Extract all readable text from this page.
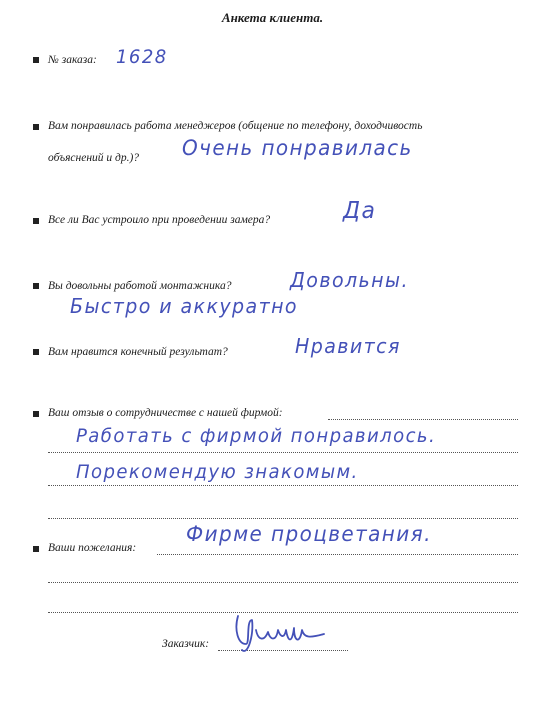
Анкета клиента.
№ заказа: 1628
Вам понравилась работа менеджеров (общение по телефону, доходчивость
объяснений и др.)? Очень понравилась
Все ли Вас устроило при проведении замера?	Да
Вы довольны работой монтажника?	Довольны.
Быстро и аккуратно
Вам нравится конечный результат?	Нравится
Ваш отзыв о сотрудничестве с нашей фирмой:
Работать с фирмой понравилось.
Порекомендую знакомым.
Ваши пожелания:
Фирме процветания.
Заказчик:
